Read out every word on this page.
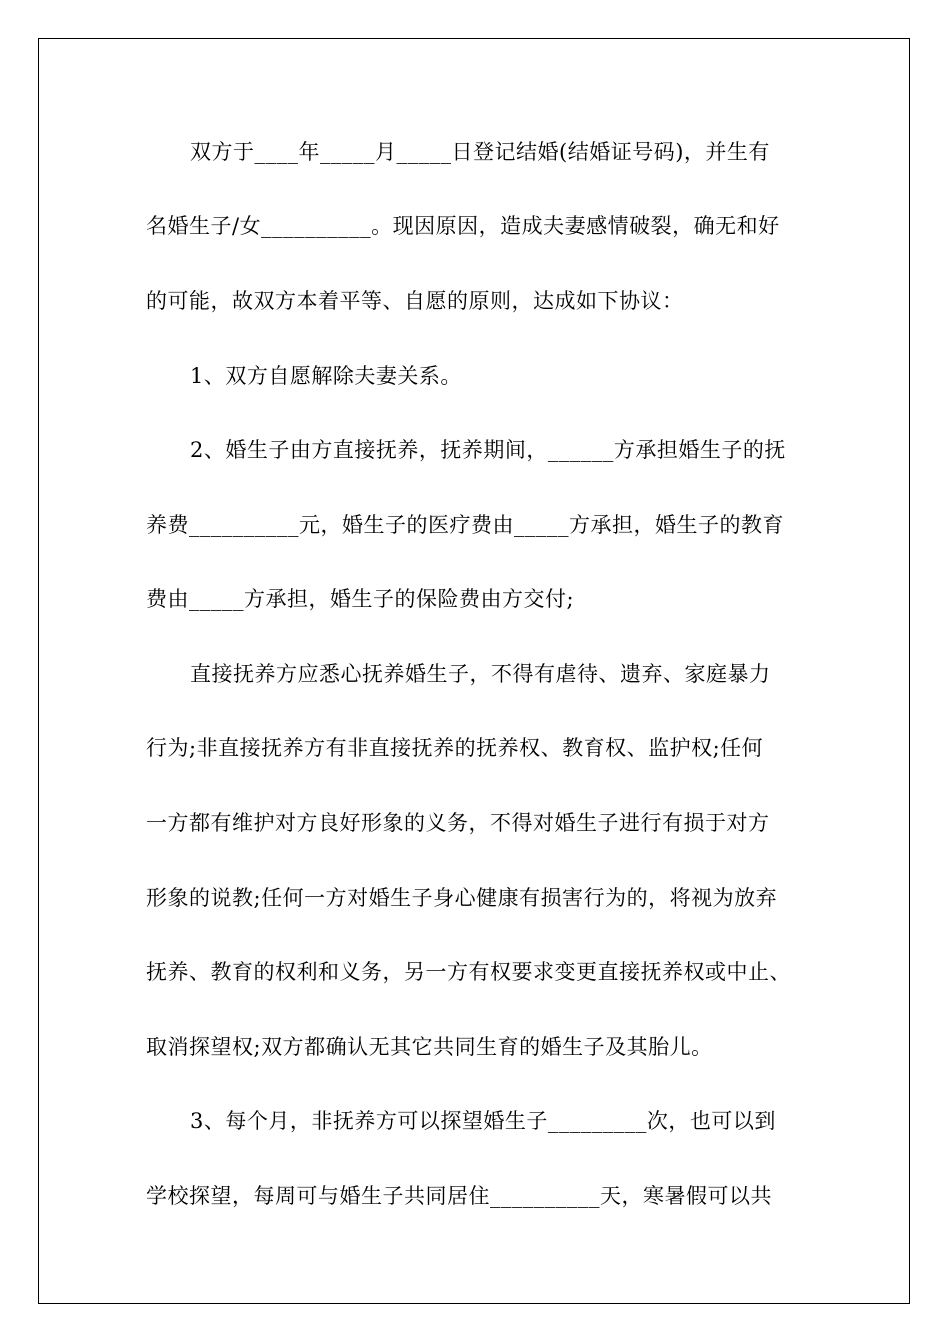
双方于____年_____月_____日登记结婚(结婚证号码)，并生有
名婚生子/女__________。现因原因，造成夫妻感情破裂，确无和好
的可能，故双方本着平等、自愿的原则，达成如下协议：
1、双方自愿解除夫妻关系。
2、婚生子由方直接抚养，抚养期间，______方承担婚生子的抚
养费__________元，婚生子的医疗费由_____方承担，婚生子的教育
费由_____方承担，婚生子的保险费由方交付;
直接抚养方应悉心抚养婚生子，不得有虐待、遗弃、家庭暴力
行为;非直接抚养方有非直接抚养的抚养权、教育权、监护权;任何
一方都有维护对方良好形象的义务，不得对婚生子进行有损于对方
形象的说教;任何一方对婚生子身心健康有损害行为的，将视为放弃
抚养、教育的权利和义务，另一方有权要求变更直接抚养权或中止、
取消探望权;双方都确认无其它共同生育的婚生子及其胎儿。
3、每个月，非抚养方可以探望婚生子_________次，也可以到
学校探望，每周可与婚生子共同居住__________天，寒暑假可以共
